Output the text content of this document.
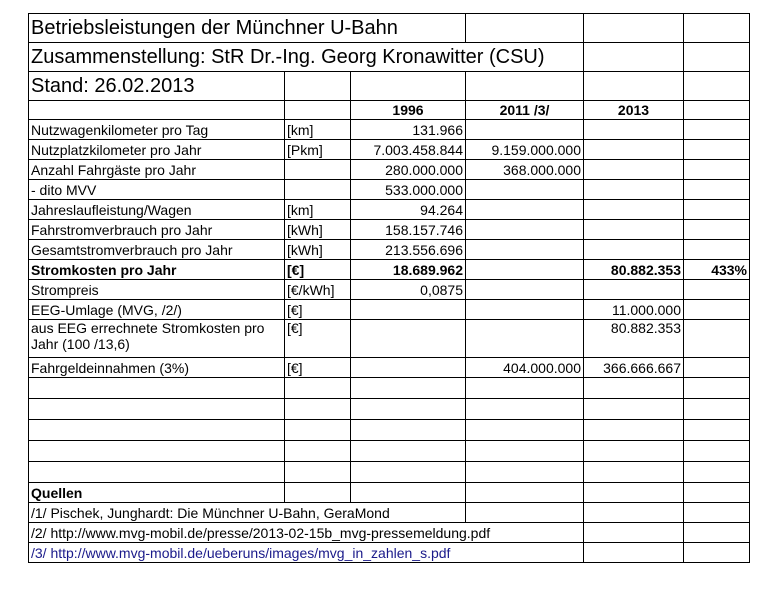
Betriebsleistungen der Münchner U-Bahn					
Zusammenstellung: StR Dr.-Ing. Georg Kronawitter (CSU)					
Stand: 26.02.2013					
		1996	2011 /3/	2013	
Nutzwagenkilometer pro Tag	[km]	131.966			
Nutzplatzkilometer pro Jahr	[Pkm]	7.003.458.844	9.159.000.000		
Anzahl Fahrgäste pro Jahr		280.000.000	368.000.000		
- dito MVV		533.000.000			
Jahreslaufleistung/Wagen	[km]	94.264			
Fahrstromverbrauch pro Jahr	[kWh]	158.157.746			
Gesamtstromverbrauch pro Jahr	[kWh]	213.556.696			
Stromkosten pro Jahr	[€]	18.689.962		80.882.353	433%
Strompreis	[€/kWh]	0,0875			
EEG-Umlage (MVG, /2/)	[€]			11.000.000	
aus EEG errechnete Stromkosten pro Jahr (100 /13,6)	[€]			80.882.353	
Fahrgeldeinnahmen (3%)	[€]		404.000.000	366.666.667	

Quellen					
/1/ Pischek, Junghardt: Die Münchner U-Bahn, GeraMond					
/2/ http://www.mvg-mobil.de/presse/2013-02-15b_mvg-pressemeldung.pdf					
/3/ http://www.mvg-mobil.de/ueberuns/images/mvg_in_zahlen_s.pdf					
